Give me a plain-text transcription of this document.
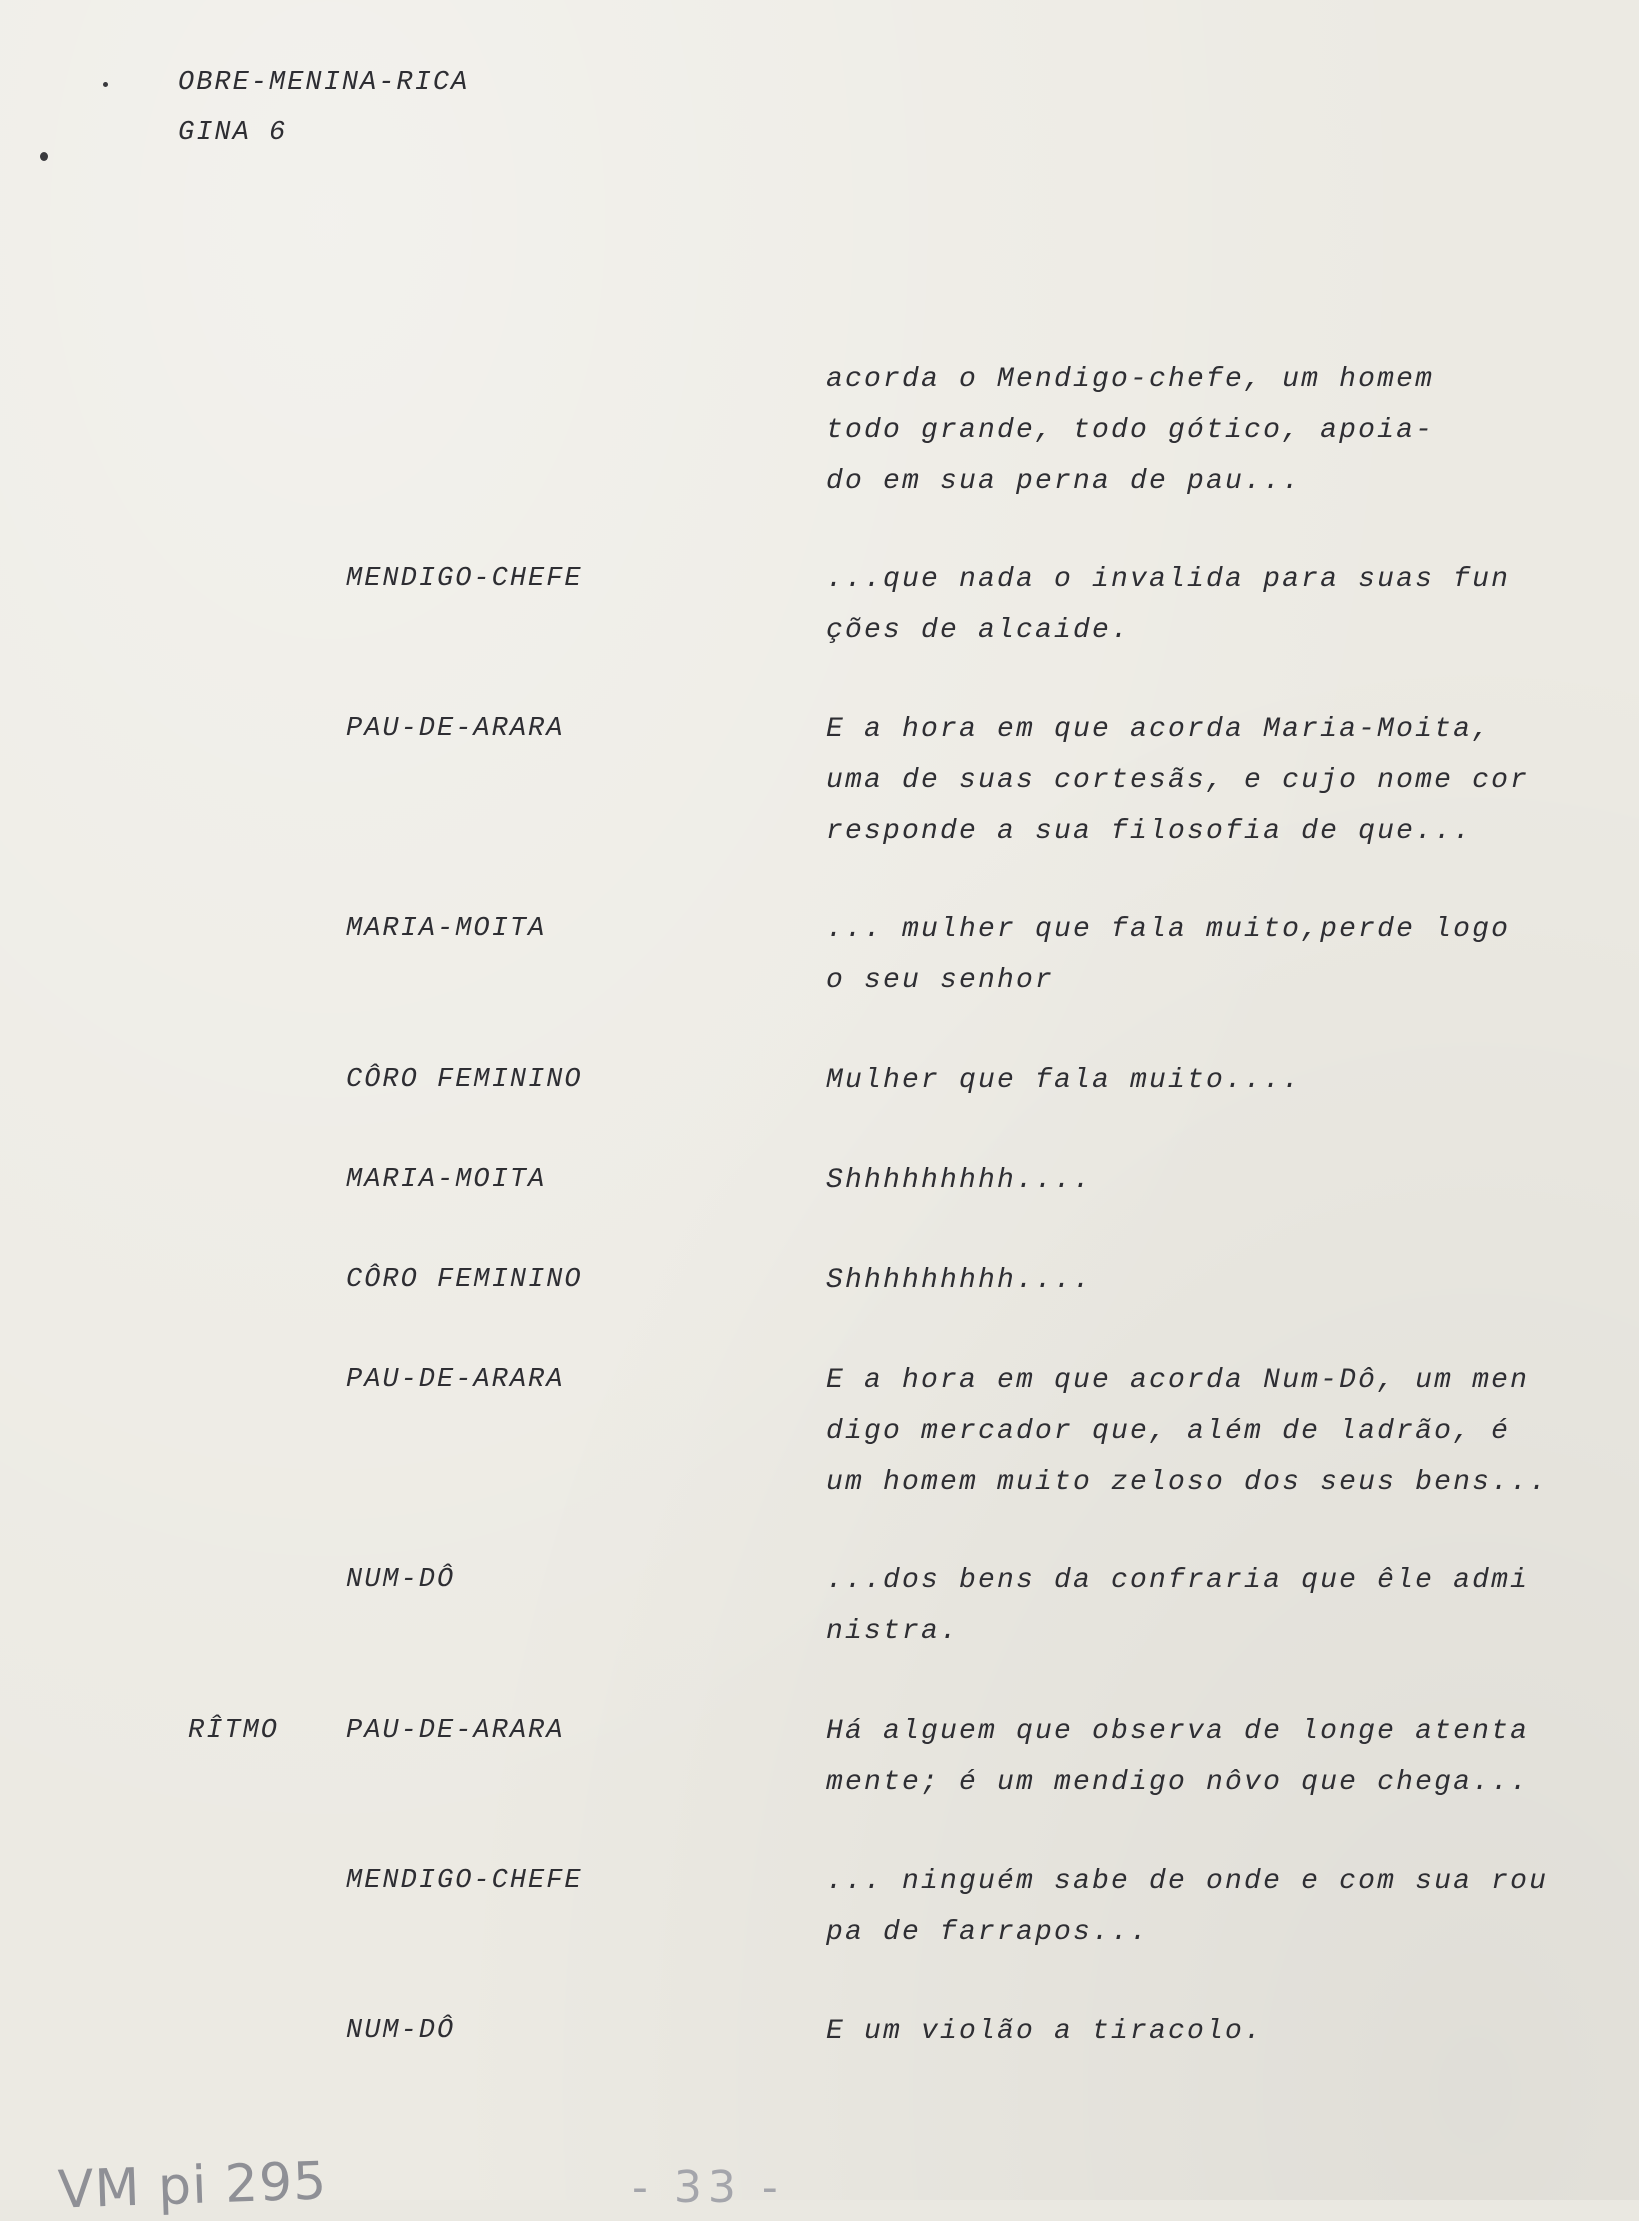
OBRE-MENINA-RICA
GINA 6
acorda o Mendigo-chefe, um homem
todo grande, todo gótico, apoia-
do em sua perna de pau...
MENDIGO-CHEFE	...que nada o invalida para suas fun
ções de alcaide.
PAU-DE-ARARA	E a hora em que acorda Maria-Moita,
uma de suas cortesãs, e cujo nome cor
responde a sua filosofia de que...
MARIA-MOITA	... mulher que fala muito,perde logo
o seu senhor
CÔRO FEMININO	Mulher que fala muito....
MARIA-MOITA	Shhhhhhhhh....
CÔRO FEMININO	Shhhhhhhhh....
PAU-DE-ARARA	E a hora em que acorda Num-Dô, um men
digo mercador que, além de ladrão, é
um homem muito zeloso dos seus bens...
NUM-DÔ	...dos bens da confraria que êle admi
nistra.
RÎTMO PAU-DE-ARARA	Há alguem que observa de longe atenta
mente; é um mendigo nôvo que chega...
MENDIGO-CHEFE	... ninguém sabe de onde e com sua rou
pa de farrapos...
NUM-DÔ	E um violão a tiracolo.
VM pi 295	- 33 -
